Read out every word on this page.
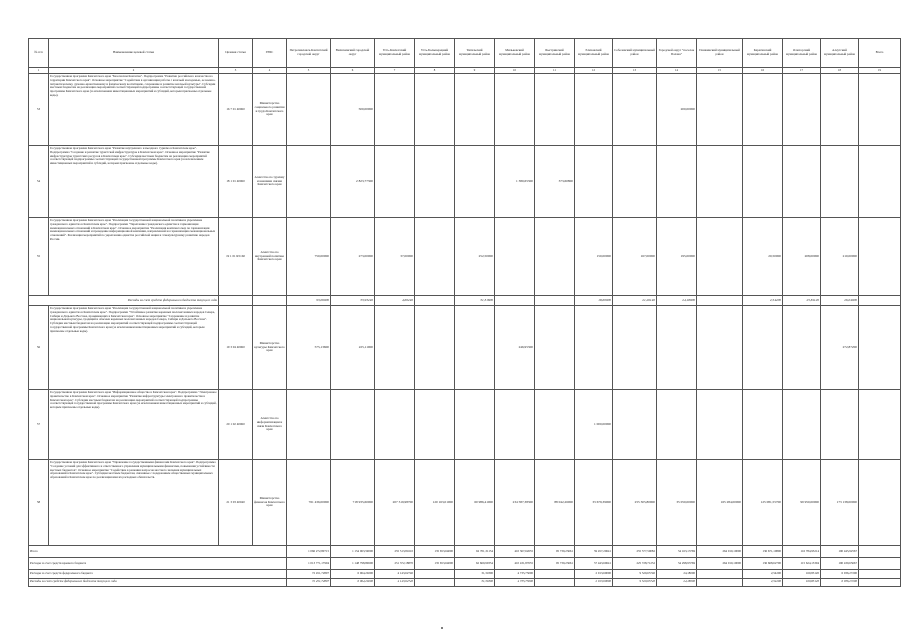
№ п/п	Наименование целевой статьи	Целевая статья	ГРБС	Петропавловск-Камчатский городской округ	Вилючинский городской округ	Усть-Камчатский муниципальный район	Усть-Большерецкий муниципальный район	Тигильский муниципальный район	Мильковский муниципальный район	Быстринский муниципальный район	Елизовский муниципальный район	Соболевский муниципальный район	Городской округ "поселок Палана"	Пенжинский муниципальный район	Карагинский муниципальный район	Олюторский муниципальный район	Алеутский муниципальный район	Всего	
1	2	3	4	5	6	7	8	9	10	11	12	13	14	15	16	17	18	19	
53	Государственная программа Камчатского края "Безопасная Камчатка". Подпрограмма "Развитие российского казачества на территории Камчатского края". Основное мероприятие "Содействие в организации работы с казачьей молодежью, ее военно-патриотическому, духовно-нравственному и физическому воспитанию, сохранение и развитие казачьей культуры". Субсидии местным бюджетам на реализацию мероприятий соответствующей подпрограммы соответствующей государственной программы Камчатского края (за исключением инвестиционных мероприятий и субсидий, которым присвоены отдельные коды).	16 7 01 40060	Министерство социального развития и труда Камчатского края		500,00000								200,00000						
54	Государственная программа Камчатского края "Развитие внутреннего и въездного туризма в Камчатском крае". Подпрограмма "Создание и развитие туристской инфраструктуры в Камчатском крае". Основное мероприятие "Развитие инфраструктуры туристских ресурсов в Камчатском крае". Субсидии местным бюджетам на реализацию мероприятий соответствующей подпрограммы соответствующей государственной программы Камчатского края (за исключением инвестиционных мероприятий и субсидий, которым присвоены отдельные коды).	18 1 01 40060	Агентство по туризму и внешним связям Камчатского края		2 823,77300				1 380,65300	373,60800									
55	Государственная программа Камчатского края "Реализация государственной национальной политики и укрепление гражданского единства в Камчатском крае". Подпрограмма "Укрепление гражданского единства и гармонизация межнациональных отношений в Камчатском крае". Основное мероприятие "Реализация комплекса мер по гармонизации межнациональных отношений и проведение информационной кампании, направленной на гармонизацию межнациональных отношений". Реализация мероприятий по укреплению единства российской нации и этнокультурному развитию народов России.	19 1 01 R5160	Агентство по внутренней политике Камчатского края	750,00000	273,00000	37,00000		252,50000			150,00000	167,00000	195,00000		20,50000	208,00000	210,00000		
Расходы за счет средств федерального бюджета текущего года				93,06000	33,93240	4,60240		31,31800			18,60000	21,26140	24,18000		2,54200	25,81120	26,04000		
56	Государственная программа Камчатского края "Реализация государственной национальной политики и укрепление гражданского единства в Камчатском крае". Подпрограмма "Устойчивое развитие коренных малочисленных народов Севера, Сибири и Дальнего Востока, проживающих в Камчатском крае". Основное мероприятие "Сохранение и развитие национальной культуры, традиций и обычаев коренных малочисленных народов Севера, Сибири и Дальнего Востока". Субсидии местным бюджетам на реализацию мероприятий соответствующей подпрограммы соответствующей государственной программы Камчатского края (за исключением инвестиционных мероприятий и субсидий, которым присвоены отдельные коды).	19 3 04 40060	Министерство культуры Камчатского края	575,13600	225,11900				246,95300								272,87200		
57	Государственная программа Камчатского края "Информационное общество в Камчатском крае". Подпрограмма "Электронное правительство в Камчатском крае". Основное мероприятие "Развитие инфраструктуры электронного правительства в Камчатском крае". Субсидии местным бюджетам на реализацию мероприятий соответствующей подпрограммы соответствующей государственной программы Камчатского края (за исключением инвестиционных мероприятий и субсидий, которым присвоены отдельные коды).	20 1 02 40060	Агентство по информатизации и связи Камчатского края								1 000,00000								
58	Государственная программа Камчатского края "Управление государственными финансами Камчатского края". Подпрограмма "Создание условий для эффективного и ответственного управления муниципальными финансами, повышения устойчивости местных бюджетов". Основное мероприятие "Содействие в решении вопросов местного значения муниципальных образований в Камчатском крае". Субсидии местным бюджетам, связанные с подержанием общественных муниципальных образований в Камчатском крае по реализации ими их расходных обязательств.	21 3 03 40040	Министерство финансов Камчатского края	761 436,00000	718 935,60000	207 319,98700	120 163,01000	60 986,41000	234 587,38300	88 042,26000	33 679,39000	255 305,80900	35 050,00000	165 284,00000	125 081,55700	99 950,00000	173 138,00000		
Итого				1 066 272,80715	1 154 063,59000	255 513,81610	135 653,64000	62 701,31154	410 367,62655	95 739,23661	59 457,20641	255 577,59082	54 163,13769	264 010,10000	136 671,10800	116 784,93214	190 445,92567		
Расходы за счет средств краевого бюджета				1 013 771,17904	1 148 798,80600	251 372,18870	135 653,64000	62 669,99354	410 431,87655	95 739,23661	57 443,60641	225 728,71252	54 298,93769	264 010,10000	136 668,62700	115 624,13394	190 439,65667		
Расходы за счет средств федерального бюджета				72 451,72807	6 064,29200	4 143,62740		31,31800	4 735,75000		2 013,60000	9 529,65740	24,18000		2,54200	160,83120	6 036,27200		
Расходы за счет средств федерального бюджета текущего года				72 451,72807	6 064,29200	4 143,62740		31,31800	4 735,75000		2 013,60000	9 529,65740	24,18000		2,54200	160,83120	6 036,27200		
